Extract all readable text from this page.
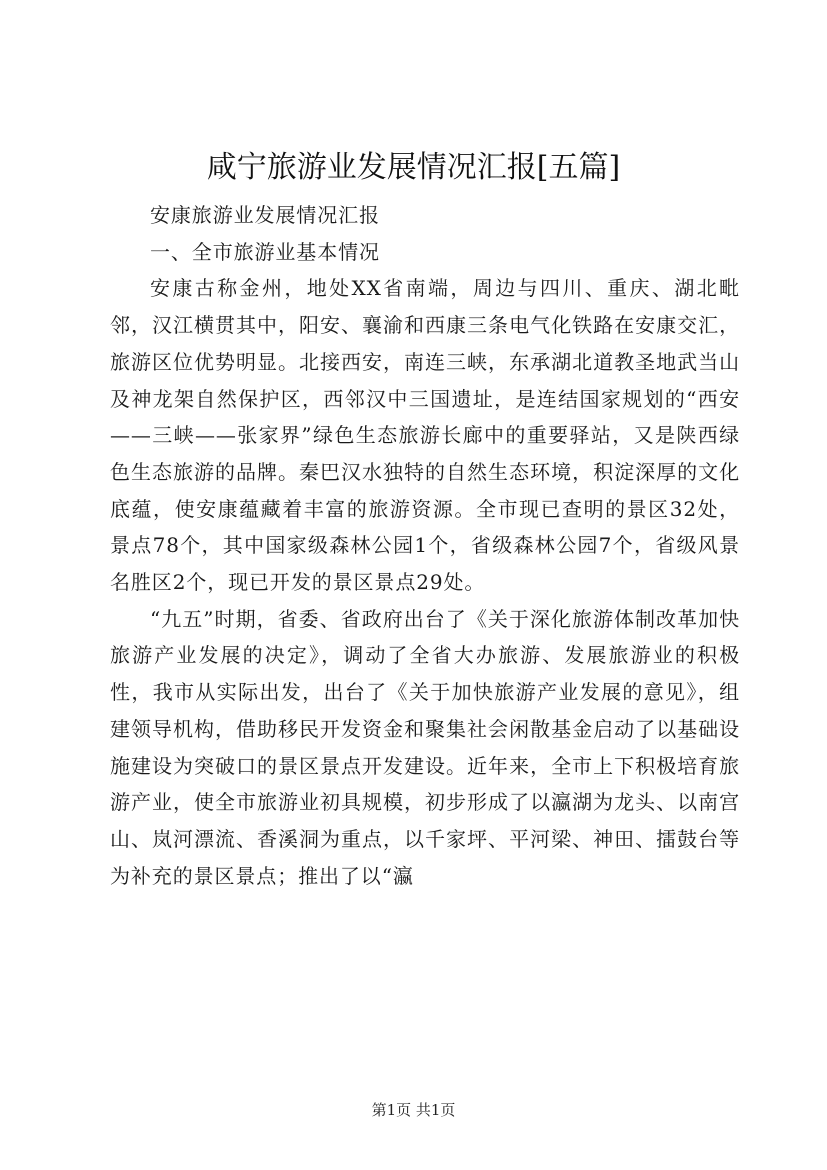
咸宁旅游业发展情况汇报[五篇]

安康旅游业发展情况汇报

一、全市旅游业基本情况

安康古称金州，地处XX省南端，周边与四川、重庆、湖北毗邻，汉江横贯其中，阳安、襄渝和西康三条电气化铁路在安康交汇，旅游区位优势明显。北接西安，南连三峡，东承湖北道教圣地武当山及神龙架自然保护区，西邻汉中三国遗址，是连结国家规划的“西安——三峡——张家界”绿色生态旅游长廊中的重要驿站，又是陕西绿色生态旅游的品牌。秦巴汉水独特的自然生态环境，积淀深厚的文化底蕴，使安康蕴藏着丰富的旅游资源。全市现已查明的景区32处，景点78个，其中国家级森林公园1个，省级森林公园7个，省级风景名胜区2个，现已开发的景区景点29处。

“九五”时期，省委、省政府出台了《关于深化旅游体制改革加快旅游产业发展的决定》，调动了全省大办旅游、发展旅游业的积极性，我市从实际出发，出台了《关于加快旅游产业发展的意见》，组建领导机构，借助移民开发资金和聚集社会闲散基金启动了以基础设施建设为突破口的景区景点开发建设。近年来，全市上下积极培育旅游产业，使全市旅游业初具规模，初步形成了以瀛湖为龙头、以南宫山、岚河漂流、香溪洞为重点，以千家坪、平河梁、神田、擂鼓台等为补充的景区景点；推出了以“瀛

第1页 共1页
